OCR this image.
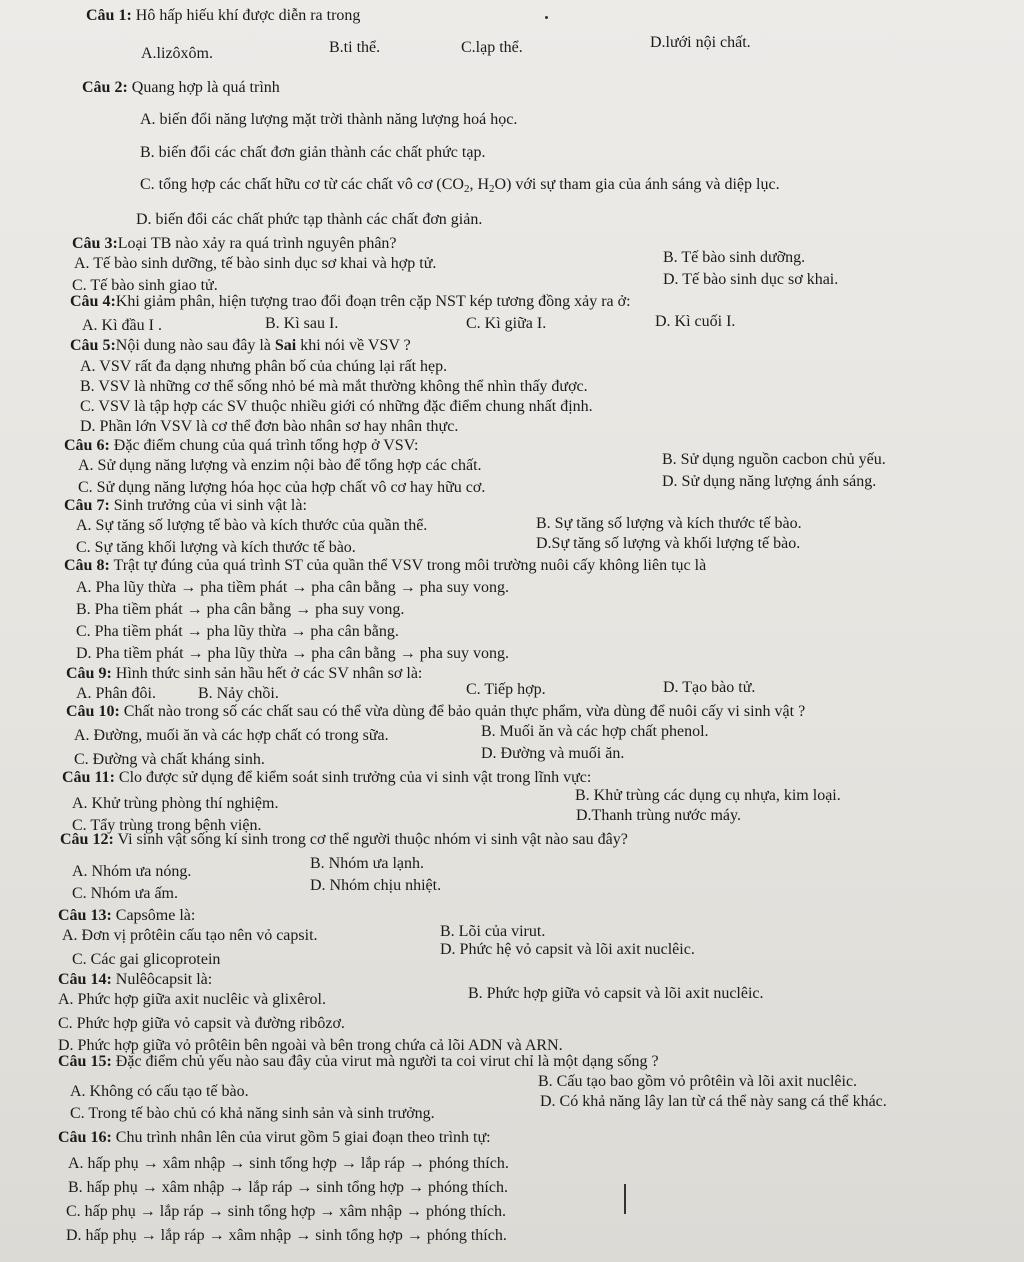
Câu 1: Hô hấp hiếu khí được diễn ra trong
A.lizôxôm.	B.ti thể.	C.lạp thể.	D.lưới nội chất.
Câu 2: Quang hợp là quá trình
A. biến đổi năng lượng mặt trời thành năng lượng hoá học.
B. biến đổi các chất đơn giản thành các chất phức tạp.
C. tổng hợp các chất hữu cơ từ các chất vô cơ ($CO_2$, $H_2O$) với sự tham gia của ánh sáng và diệp lục.
D. biến đổi các chất phức tạp thành các chất đơn giản.
Câu 3:Loại TB nào xảy ra quá trình nguyên phân?
A. Tế bào sinh dưỡng, tế bào sinh dục sơ khai và hợp tử.	B. Tế bào sinh dưỡng.
C. Tế bào sinh giao tử.	D. Tế bào sinh dục sơ khai.
Câu 4:Khi giảm phân, hiện tượng trao đổi đoạn trên cặp NST kép tương đồng xảy ra ở:
A. Kì đầu I .	B. Kì sau I.	C. Kì giữa I.	D. Kì cuối I.
Câu 5:Nội dung nào sau đây là Sai khi nói về VSV ?
A. VSV rất đa dạng nhưng phân bố của chúng lại rất hẹp.
B. VSV là những cơ thể sống nhỏ bé mà mắt thường không thể nhìn thấy được.
C. VSV là tập hợp các SV thuộc nhiều giới có những đặc điểm chung nhất định.
D. Phần lớn VSV là cơ thể đơn bào nhân sơ hay nhân thực.
Câu 6: Đặc điểm chung của quá trình tổng hợp ở VSV:
A. Sử dụng năng lượng và enzim nội bào để tổng hợp các chất.	B. Sử dụng nguồn cacbon chủ yếu.
C. Sử dụng năng lượng hóa học của hợp chất vô cơ hay hữu cơ.	D. Sử dụng năng lượng ánh sáng.
Câu 7: Sinh trưởng của vi sinh vật là:
A. Sự tăng số lượng tế bào và kích thước của quần thể.	B. Sự tăng số lượng và kích thước tế bào.
C. Sự tăng khối lượng và kích thước tế bào.	D.Sự tăng số lượng và khối lượng tế bào.
Câu 8: Trật tự đúng của quá trình ST của quần thể VSV trong môi trường nuôi cấy không liên tục là
A. Pha lũy thừa → pha tiềm phát → pha cân bằng → pha suy vong.
B. Pha tiềm phát → pha cân bằng → pha suy vong.
C. Pha tiềm phát → pha lũy thừa → pha cân bằng.
D. Pha tiềm phát → pha lũy thừa → pha cân bằng → pha suy vong.
Câu 9: Hình thức sinh sản hầu hết ở các SV nhân sơ là:
A. Phân đôi.	B. Nảy chồi.	C. Tiếp hợp.	D. Tạo bào tử.
Câu 10: Chất nào trong số các chất sau có thể vừa dùng để bảo quản thực phẩm, vừa dùng để nuôi cấy vi sinh vật ?
A. Đường, muối ăn và các hợp chất có trong sữa.	B. Muối ăn và các hợp chất phenol.
C. Đường và chất kháng sinh.	D. Đường và muối ăn.
Câu 11: Clo được sử dụng để kiểm soát sinh trưởng của vi sinh vật trong lĩnh vực:
A. Khử trùng phòng thí nghiệm.	B. Khử trùng các dụng cụ nhựa, kim loại.
C. Tẩy trùng trong bệnh viện.
D.Thanh trùng nước máy.
Câu 12: Vi sinh vật sống kí sinh trong cơ thể người thuộc nhóm vi sinh vật nào sau đây?
A. Nhóm ưa nóng.	B. Nhóm ưa lạnh.
C. Nhóm ưa ấm.	D. Nhóm chịu nhiệt.
Câu 13: Capsôme là:
A. Đơn vị prôtêin cấu tạo nên vỏ capsit.	B. Lõi của virut.
C. Các gai glicoprotein
D. Phức hệ vỏ capsit và lõi axit nuclêic.
Câu 14: Nulêôcapsit là:
A. Phức hợp giữa axit nuclêic và glixêrol.	B. Phức hợp giữa vỏ capsit và lõi axit nuclêic.
C. Phức hợp giữa vỏ capsit và đường ribôzơ.
D. Phức hợp giữa vỏ prôtêin bên ngoài và bên trong chứa cả lõi ADN và ARN.
Câu 15: Đặc điểm chủ yếu nào sau đây của virut mà người ta coi virut chỉ là một dạng sống ?
A. Không có cấu tạo tế bào.
B. Cấu tạo bao gồm vỏ prôtêin và lõi axit nuclêic.
C. Trong tế bào chủ có khả năng sinh sản và sinh trưởng.
D. Có khả năng lây lan từ cá thể này sang cá thể khác.
Câu 16: Chu trình nhân lên của virut gồm 5 giai đoạn theo trình tự:
A. hấp phụ → xâm nhập → sinh tổng hợp → lắp ráp → phóng thích.
B. hấp phụ → xâm nhập → lắp ráp → sinh tổng hợp → phóng thích.
C. hấp phụ → lắp ráp → sinh tổng hợp → xâm nhập → phóng thích.
D. hấp phụ → lắp ráp → xâm nhập → sinh tổng hợp → phóng thích.
